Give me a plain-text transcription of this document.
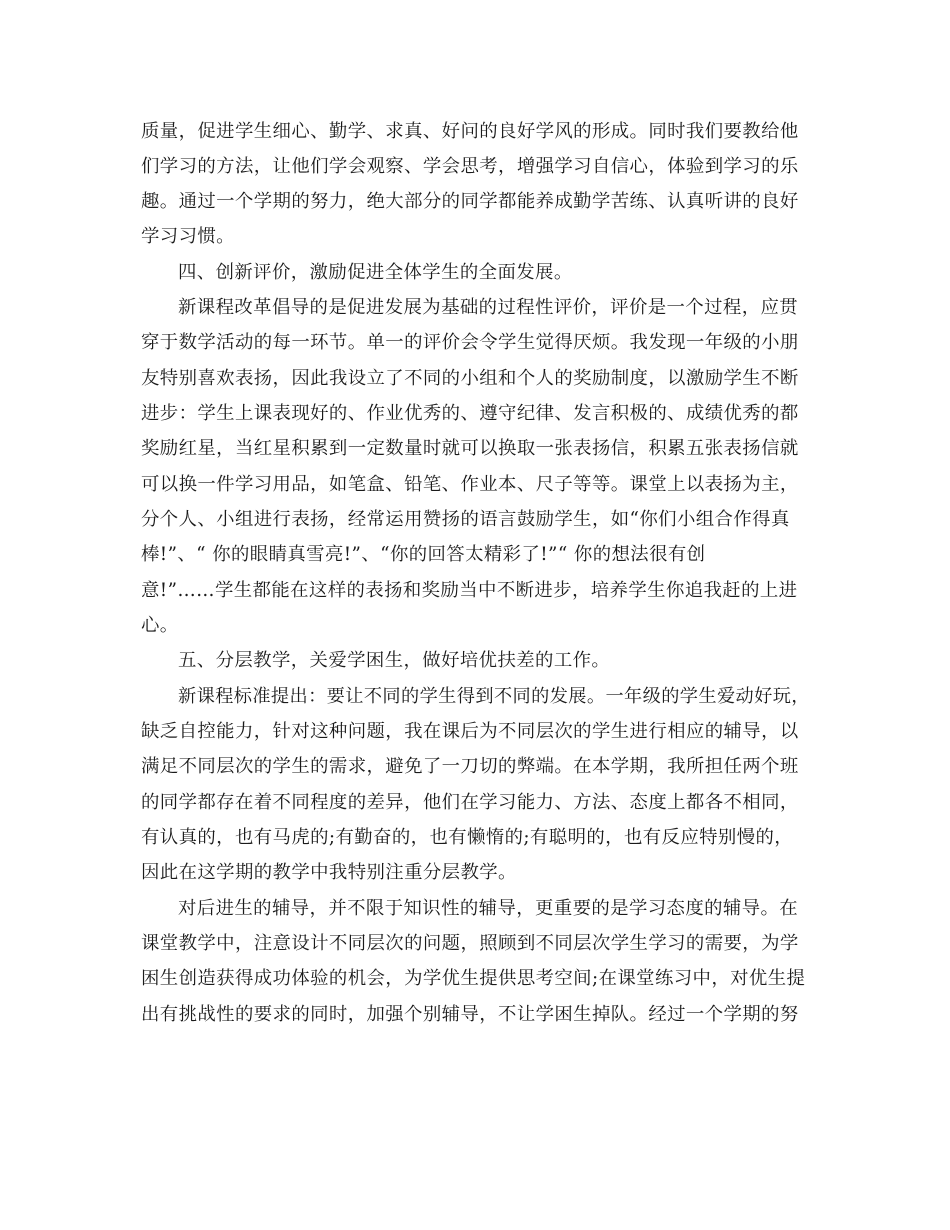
质量，促进学生细心、勤学、求真、好问的良好学风的形成。同时我们要教给他
们学习的方法，让他们学会观察、学会思考，增强学习自信心，体验到学习的乐
趣。通过一个学期的努力，绝大部分的同学都能养成勤学苦练、认真听讲的良好
学习习惯。
四、创新评价，激励促进全体学生的全面发展。
新课程改革倡导的是促进发展为基础的过程性评价，评价是一个过程，应贯
穿于数学活动的每一环节。单一的评价会令学生觉得厌烦。我发现一年级的小朋
友特别喜欢表扬，因此我设立了不同的小组和个人的奖励制度，以激励学生不断
进步：学生上课表现好的、作业优秀的、遵守纪律、发言积极的、成绩优秀的都
奖励红星，当红星积累到一定数量时就可以换取一张表扬信，积累五张表扬信就
可以换一件学习用品，如笔盒、铅笔、作业本、尺子等等。课堂上以表扬为主，
分个人、小组进行表扬，经常运用赞扬的语言鼓励学生，如“你们小组合作得真
棒!”、“ 你的眼睛真雪亮!”、“你的回答太精彩了!”“ 你的想法很有创
意!”……学生都能在这样的表扬和奖励当中不断进步，培养学生你追我赶的上进
心。
五、分层教学，关爱学困生，做好培优扶差的工作。
新课程标准提出：要让不同的学生得到不同的发展。一年级的学生爱动好玩，
缺乏自控能力，针对这种问题，我在课后为不同层次的学生进行相应的辅导，以
满足不同层次的学生的需求，避免了一刀切的弊端。在本学期，我所担任两个班
的同学都存在着不同程度的差异，他们在学习能力、方法、态度上都各不相同，
有认真的，也有马虎的;有勤奋的，也有懒惰的;有聪明的，也有反应特别慢的，
因此在这学期的教学中我特别注重分层教学。
对后进生的辅导，并不限于知识性的辅导，更重要的是学习态度的辅导。在
课堂教学中，注意设计不同层次的问题，照顾到不同层次学生学习的需要，为学
困生创造获得成功体验的机会，为学优生提供思考空间;在课堂练习中，对优生提
出有挑战性的要求的同时，加强个别辅导，不让学困生掉队。经过一个学期的努
